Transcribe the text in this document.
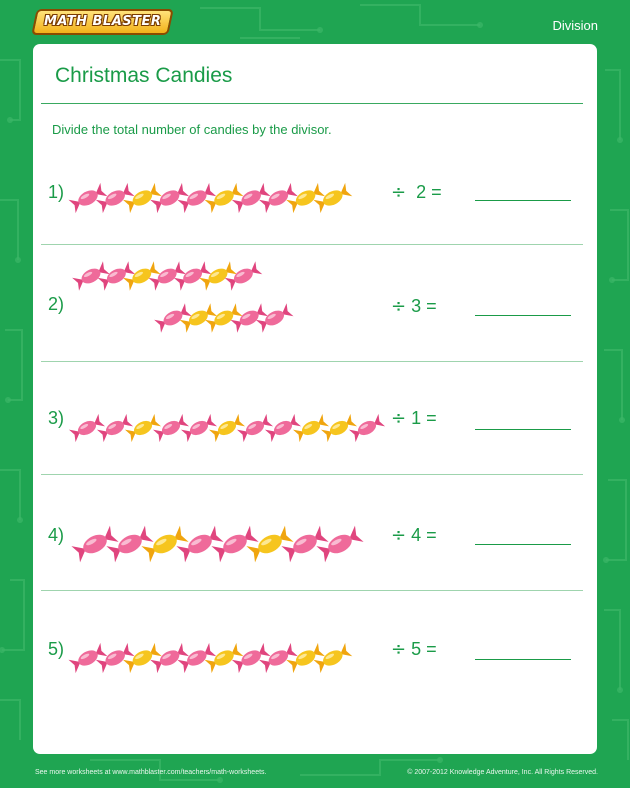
MATH BLASTER	Division
Christmas Candies
Divide the total number of candies by the divisor.
1)	÷ 2 =
2)	÷ 3 =
3)	÷ 1 =
4)	÷ 4 =
5)	÷ 5 =
See more worksheets at www.mathblaster.com/teachers/math-worksheets.	© 2007-2012 Knowledge Adventure, Inc. All Rights Reserved.
